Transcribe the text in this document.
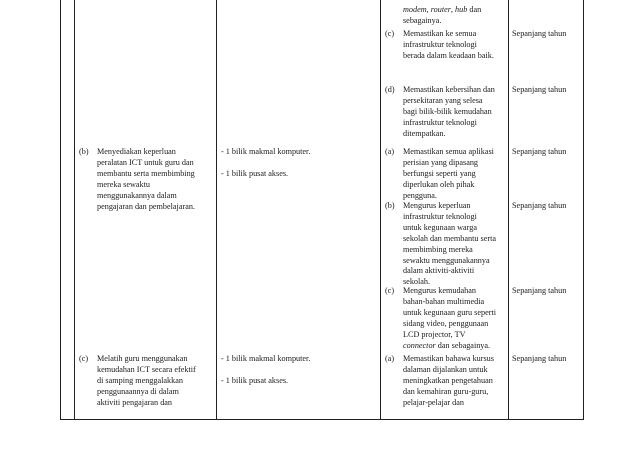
modem, router, hub dan
sebagainya.
(c) Memastikan ke semua
infrastruktur teknologi
berada dalam keadaan baik.
Sepanjang tahun
(d) Memastikan kebersihan dan
persekitaran yang selesa
bagi bilik-bilik kemudahan
infrastruktur teknologi
ditempatkan.
Sepanjang tahun
(b) Menyediakan keperluan
peralatan ICT untuk guru dan
membantu serta membimbing
mereka sewaktu
menggunakannya dalam
pengajaran dan pembelajaran.
- 1 bilik makmal komputer.
- 1 bilik pusat akses.
(a) Memastikan semua aplikasi
perisian yang dipasang
berfungsi seperti yang
diperlukan oleh pihak
pengguna.
Sepanjang tahun
(b) Mengurus keperluan
infrastruktur teknologi
untuk kegunaan warga
sekolah dan membantu serta
membimbing mereka
sewaktu menggunakannya
dalam aktiviti-aktiviti
sekolah.
Sepanjang tahun
(c) Mengurus kemudahan
bahan-bahan multimedia
untuk kegunaan guru seperti
sidang video, penggunaan
LCD projector, TV
connector dan sebagainya.
Sepanjang tahun
(c) Melatih guru menggunakan
kemudahan ICT secara efektif
di samping menggalakkan
penggunaannya di dalam
aktiviti pengajaran dan
- 1 bilik makmal komputer.
- 1 bilik pusat akses.
(a) Memastikan bahawa kursus
dalaman dijalankan untuk
meningkatkan pengetahuan
dan kemahiran guru-guru,
pelajar-pelajar dan
Sepanjang tahun
